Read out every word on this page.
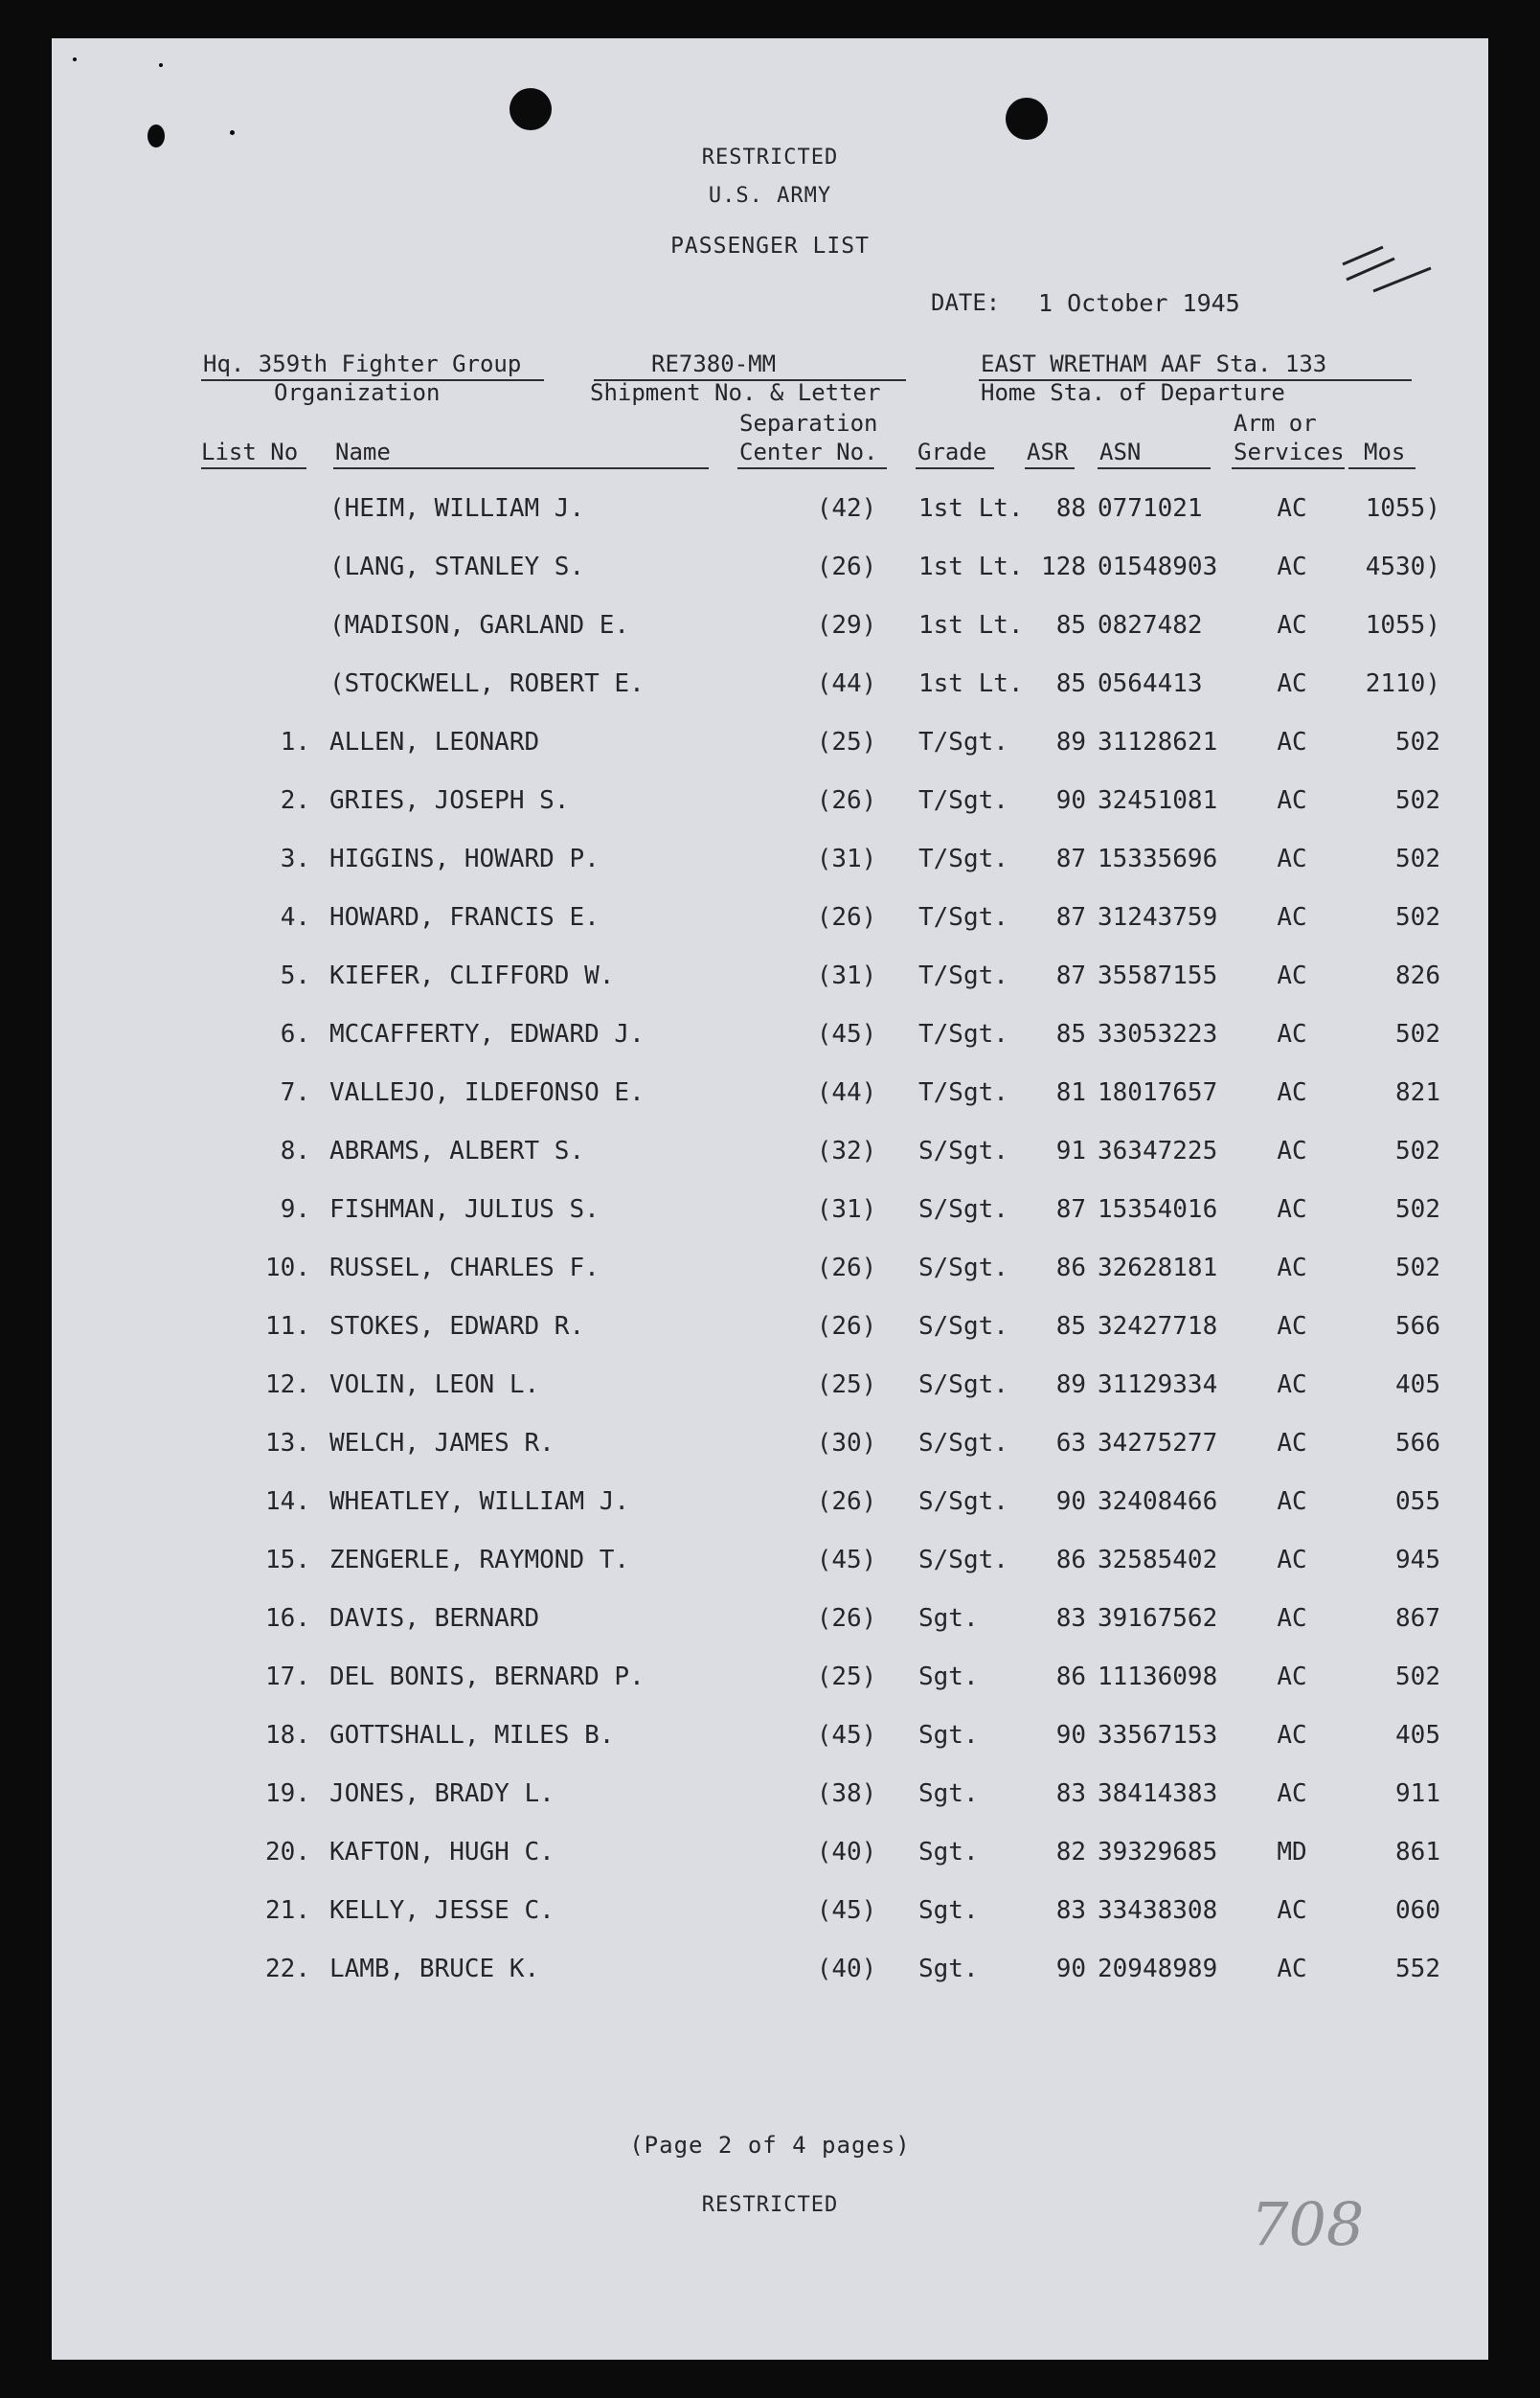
RESTRICTED
U.S. ARMY
PASSENGER LIST
DATE: 1 October 1945
Hq. 359th Fighter Group
Organization
RE7380-MM
Shipment No. & Letter
EAST WRETHAM AAF Sta. 133
Home Sta. of Departure
List No Name
Separation
Center No. Grade ASR ASN
Arm or
Services Mos
(HEIM, WILLIAM J.	(42)	1st Lt.	88 0771021	AC	1055)
(LANG, STANLEY S.	(26)	1st Lt. 128 01548903	AC	4530)
(MADISON, GARLAND E.	(29)	1st Lt.	85 0827482	AC	1055)
(STOCKWELL, ROBERT E.	(44)	1st Lt.	85 0564413	AC	2110)
1. ALLEN, LEONARD	(25)	T/Sgt.	89 31128621	AC	502
2. GRIES, JOSEPH S.	(26)	T/Sgt.	90 32451081	AC	502
3. HIGGINS, HOWARD P.	(31)	T/Sgt.	87 15335696	AC	502
4. HOWARD, FRANCIS E.	(26)	T/Sgt.	87 31243759	AC	502
5. KIEFER, CLIFFORD W.	(31)	T/Sgt.	87 35587155	AC	826
6. MCCAFFERTY, EDWARD J.	(45)	T/Sgt.	85 33053223	AC	502
7. VALLEJO, ILDEFONSO E.	(44)	T/Sgt.	81 18017657	AC	821
8. ABRAMS, ALBERT S.	(32)	S/Sgt.	91 36347225	AC	502
9. FISHMAN, JULIUS S.	(31)	S/Sgt.	87 15354016	AC	502
10. RUSSEL, CHARLES F.	(26)	S/Sgt.	86 32628181	AC	502
11. STOKES, EDWARD R.	(26)	S/Sgt.	85 32427718	AC	566
12. VOLIN, LEON L.	(25)	S/Sgt.	89 31129334	AC	405
13. WELCH, JAMES R.	(30)	S/Sgt.	63 34275277	AC	566
14. WHEATLEY, WILLIAM J.	(26)	S/Sgt.	90 32408466	AC	055
15. ZENGERLE, RAYMOND T.	(45)	S/Sgt.	86 32585402	AC	945
16. DAVIS, BERNARD	(26)	Sgt.	83 39167562	AC	867
17. DEL BONIS, BERNARD P.	(25)	Sgt.	86 11136098	AC	502
18. GOTTSHALL, MILES B.	(45)	Sgt.	90 33567153	AC	405
19. JONES, BRADY L.	(38)	Sgt.	83 38414383	AC	911
20. KAFTON, HUGH C.	(40)	Sgt.	82 39329685	MD	861
21. KELLY, JESSE C.	(45)	Sgt.	83 33438308	AC	060
22. LAMB, BRUCE K.	(40)	Sgt.	90 20948989	AC	552
(Page 2 of 4 pages)
RESTRICTED	708
